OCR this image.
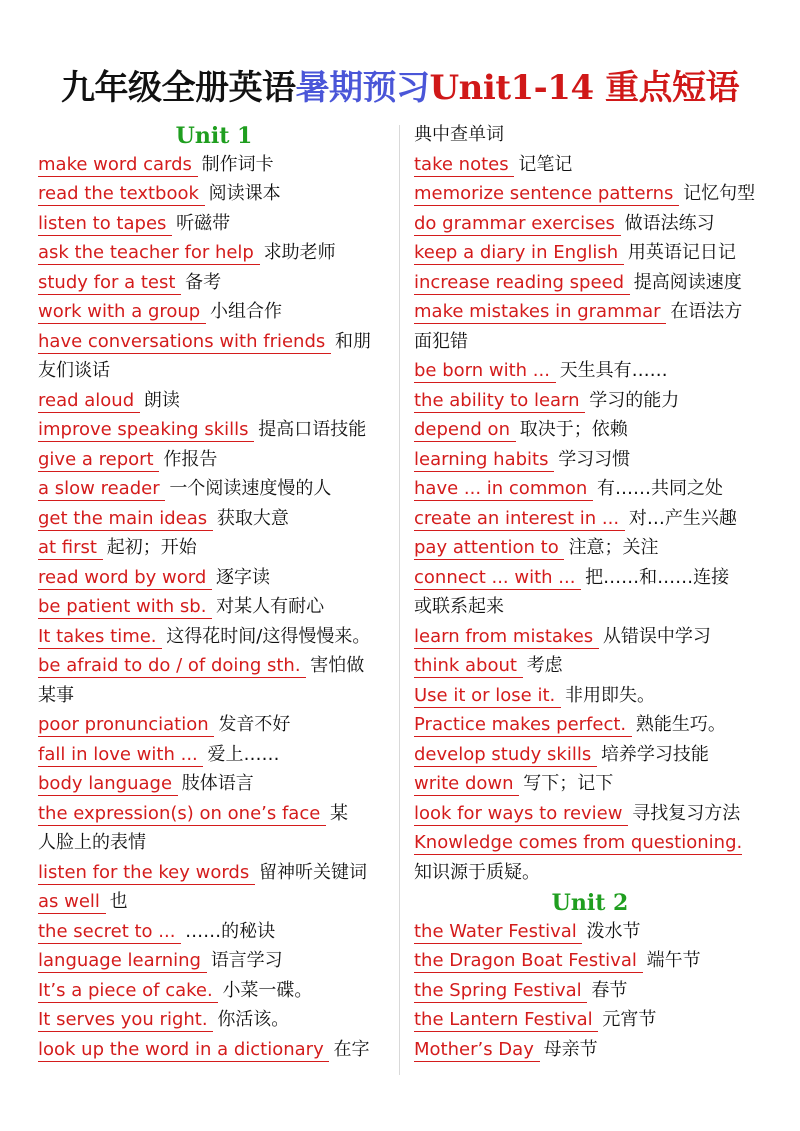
九年级全册英语暑期预习Unit1-14 重点短语
Unit 1
make word cards 制作词卡
read the textbook 阅读课本
listen to tapes 听磁带
ask the teacher for help 求助老师
study for a test 备考
work with a group 小组合作
have conversations with friends 和朋
友们谈话
read aloud 朗读
improve speaking skills 提高口语技能
give a report 作报告
a slow reader 一个阅读速度慢的人
get the main ideas 获取大意
at first 起初；开始
read word by word 逐字读
be patient with sb. 对某人有耐心
It takes time. 这得花时间/这得慢慢来。
be afraid to do / of doing sth. 害怕做
某事
poor pronunciation 发音不好
fall in love with ... 爱上……
body language 肢体语言
the expression(s) on one’s face 某
人脸上的表情
listen for the key words 留神听关键词
as well 也
the secret to ... ……的秘诀
language learning 语言学习
It’s a piece of cake. 小菜一碟。
It serves you right. 你活该。
look up the word in a dictionary 在字
典中查单词
take notes 记笔记
memorize sentence patterns 记忆句型
do grammar exercises 做语法练习
keep a diary in English 用英语记日记
increase reading speed 提高阅读速度
make mistakes in grammar 在语法方
面犯错
be born with ... 天生具有……
the ability to learn 学习的能力
depend on 取决于；依赖
learning habits 学习习惯
have ... in common 有……共同之处
create an interest in ... 对…产生兴趣
pay attention to 注意；关注
connect ... with ... 把……和……连接
或联系起来
learn from mistakes 从错误中学习
think about 考虑
Use it or lose it. 非用即失。
Practice makes perfect. 熟能生巧。
develop study skills 培养学习技能
write down 写下；记下
look for ways to review 寻找复习方法
Knowledge comes from questioning.
知识源于质疑。
Unit 2
the Water Festival 泼水节
the Dragon Boat Festival 端午节
the Spring Festival 春节
the Lantern Festival 元宵节
Mother’s Day 母亲节
